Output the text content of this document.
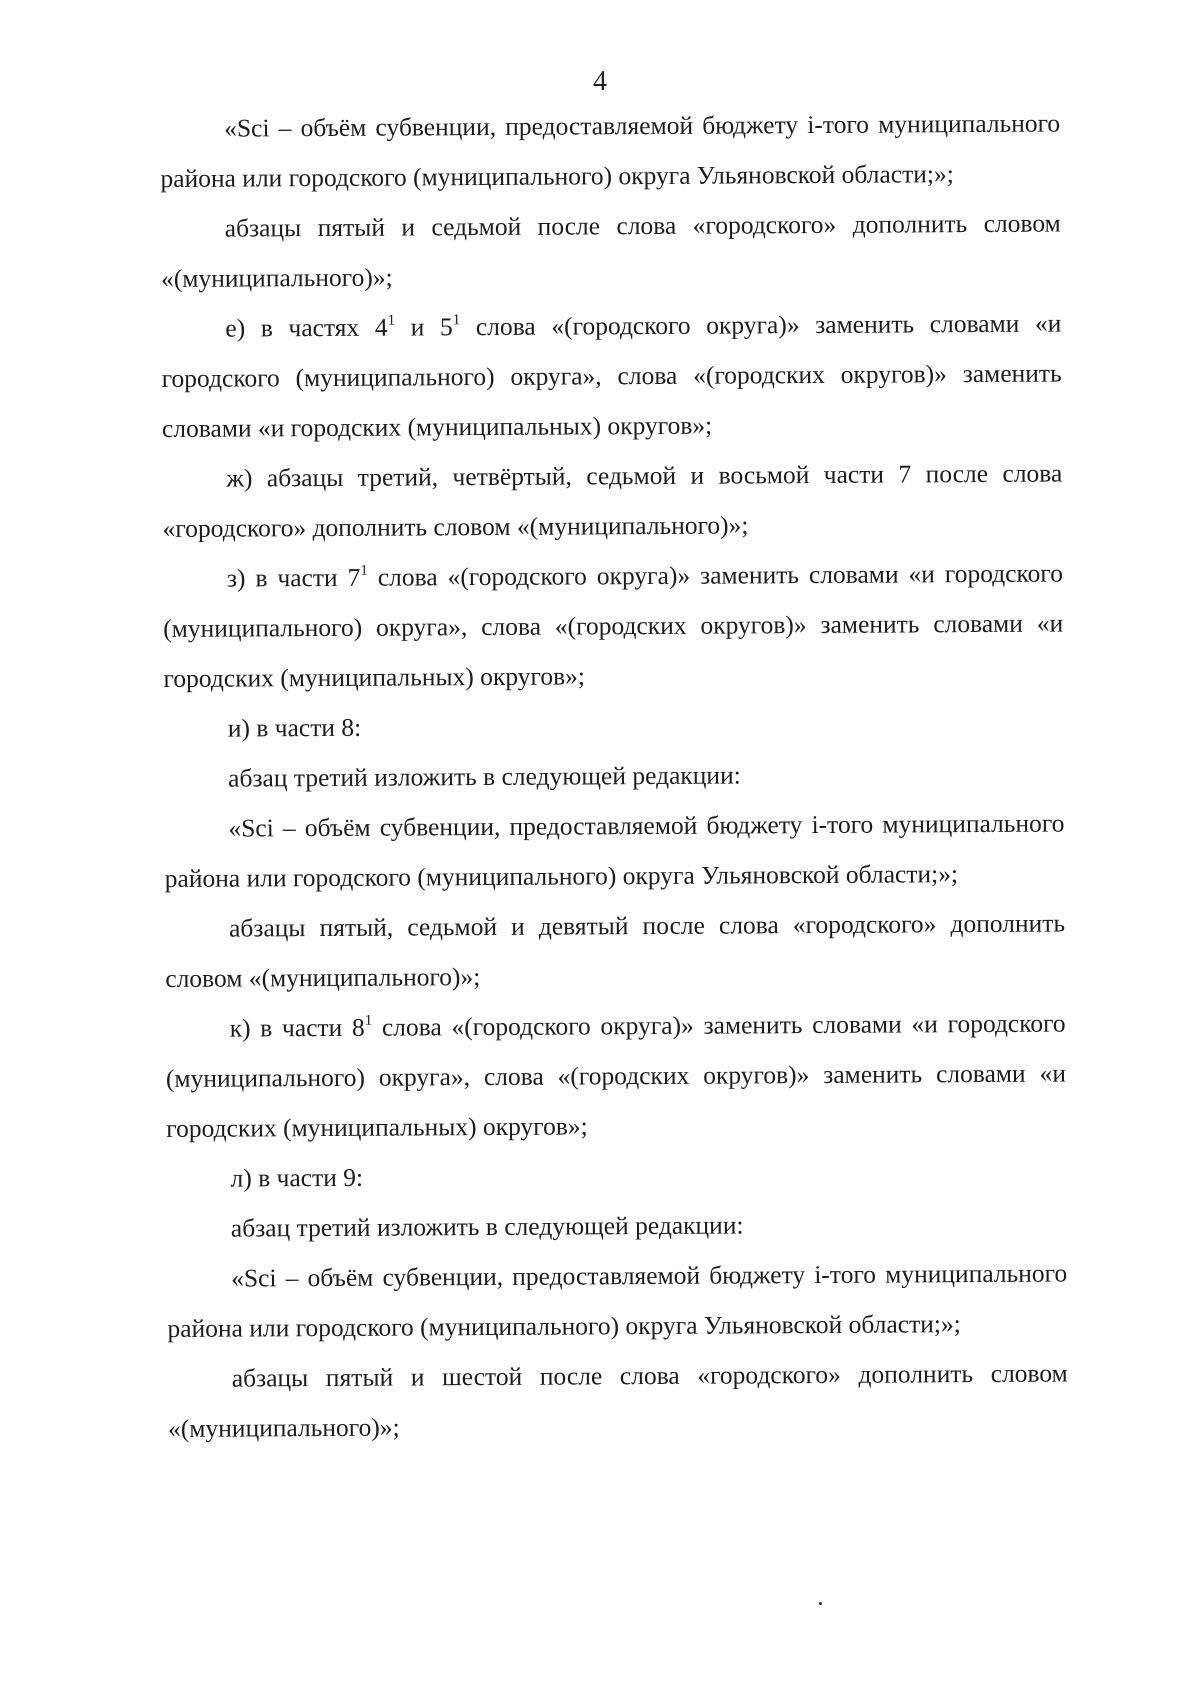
4

«Sci – объём субвенции, предоставляемой бюджету i-того муниципального района или городского (муниципального) округа Ульяновской области;»;

абзацы пятый и седьмой после слова «городского» дополнить словом «(муниципального)»;

е) в частях $4^1$ и $5^1$ слова «(городского округа)» заменить словами «и городского (муниципального) округа», слова «(городских округов)» заменить словами «и городских (муниципальных) округов»;

ж) абзацы третий, четвёртый, седьмой и восьмой части 7 после слова «городского» дополнить словом «(муниципального)»;

з) в части $7^1$ слова «(городского округа)» заменить словами «и городского (муниципального) округа», слова «(городских округов)» заменить словами «и городских (муниципальных) округов»;

и) в части 8:

абзац третий изложить в следующей редакции:

«Sci – объём субвенции, предоставляемой бюджету i-того муниципального района или городского (муниципального) округа Ульяновской области;»;

абзацы пятый, седьмой и девятый после слова «городского» дополнить словом «(муниципального)»;

к) в части $8^1$ слова «(городского округа)» заменить словами «и городского (муниципального) округа», слова «(городских округов)» заменить словами «и городских (муниципальных) округов»;

л) в части 9:

абзац третий изложить в следующей редакции:

«Sci – объём субвенции, предоставляемой бюджету i-того муниципального района или городского (муниципального) округа Ульяновской области;»;

абзацы пятый и шестой после слова «городского» дополнить словом «(муниципального)»;
